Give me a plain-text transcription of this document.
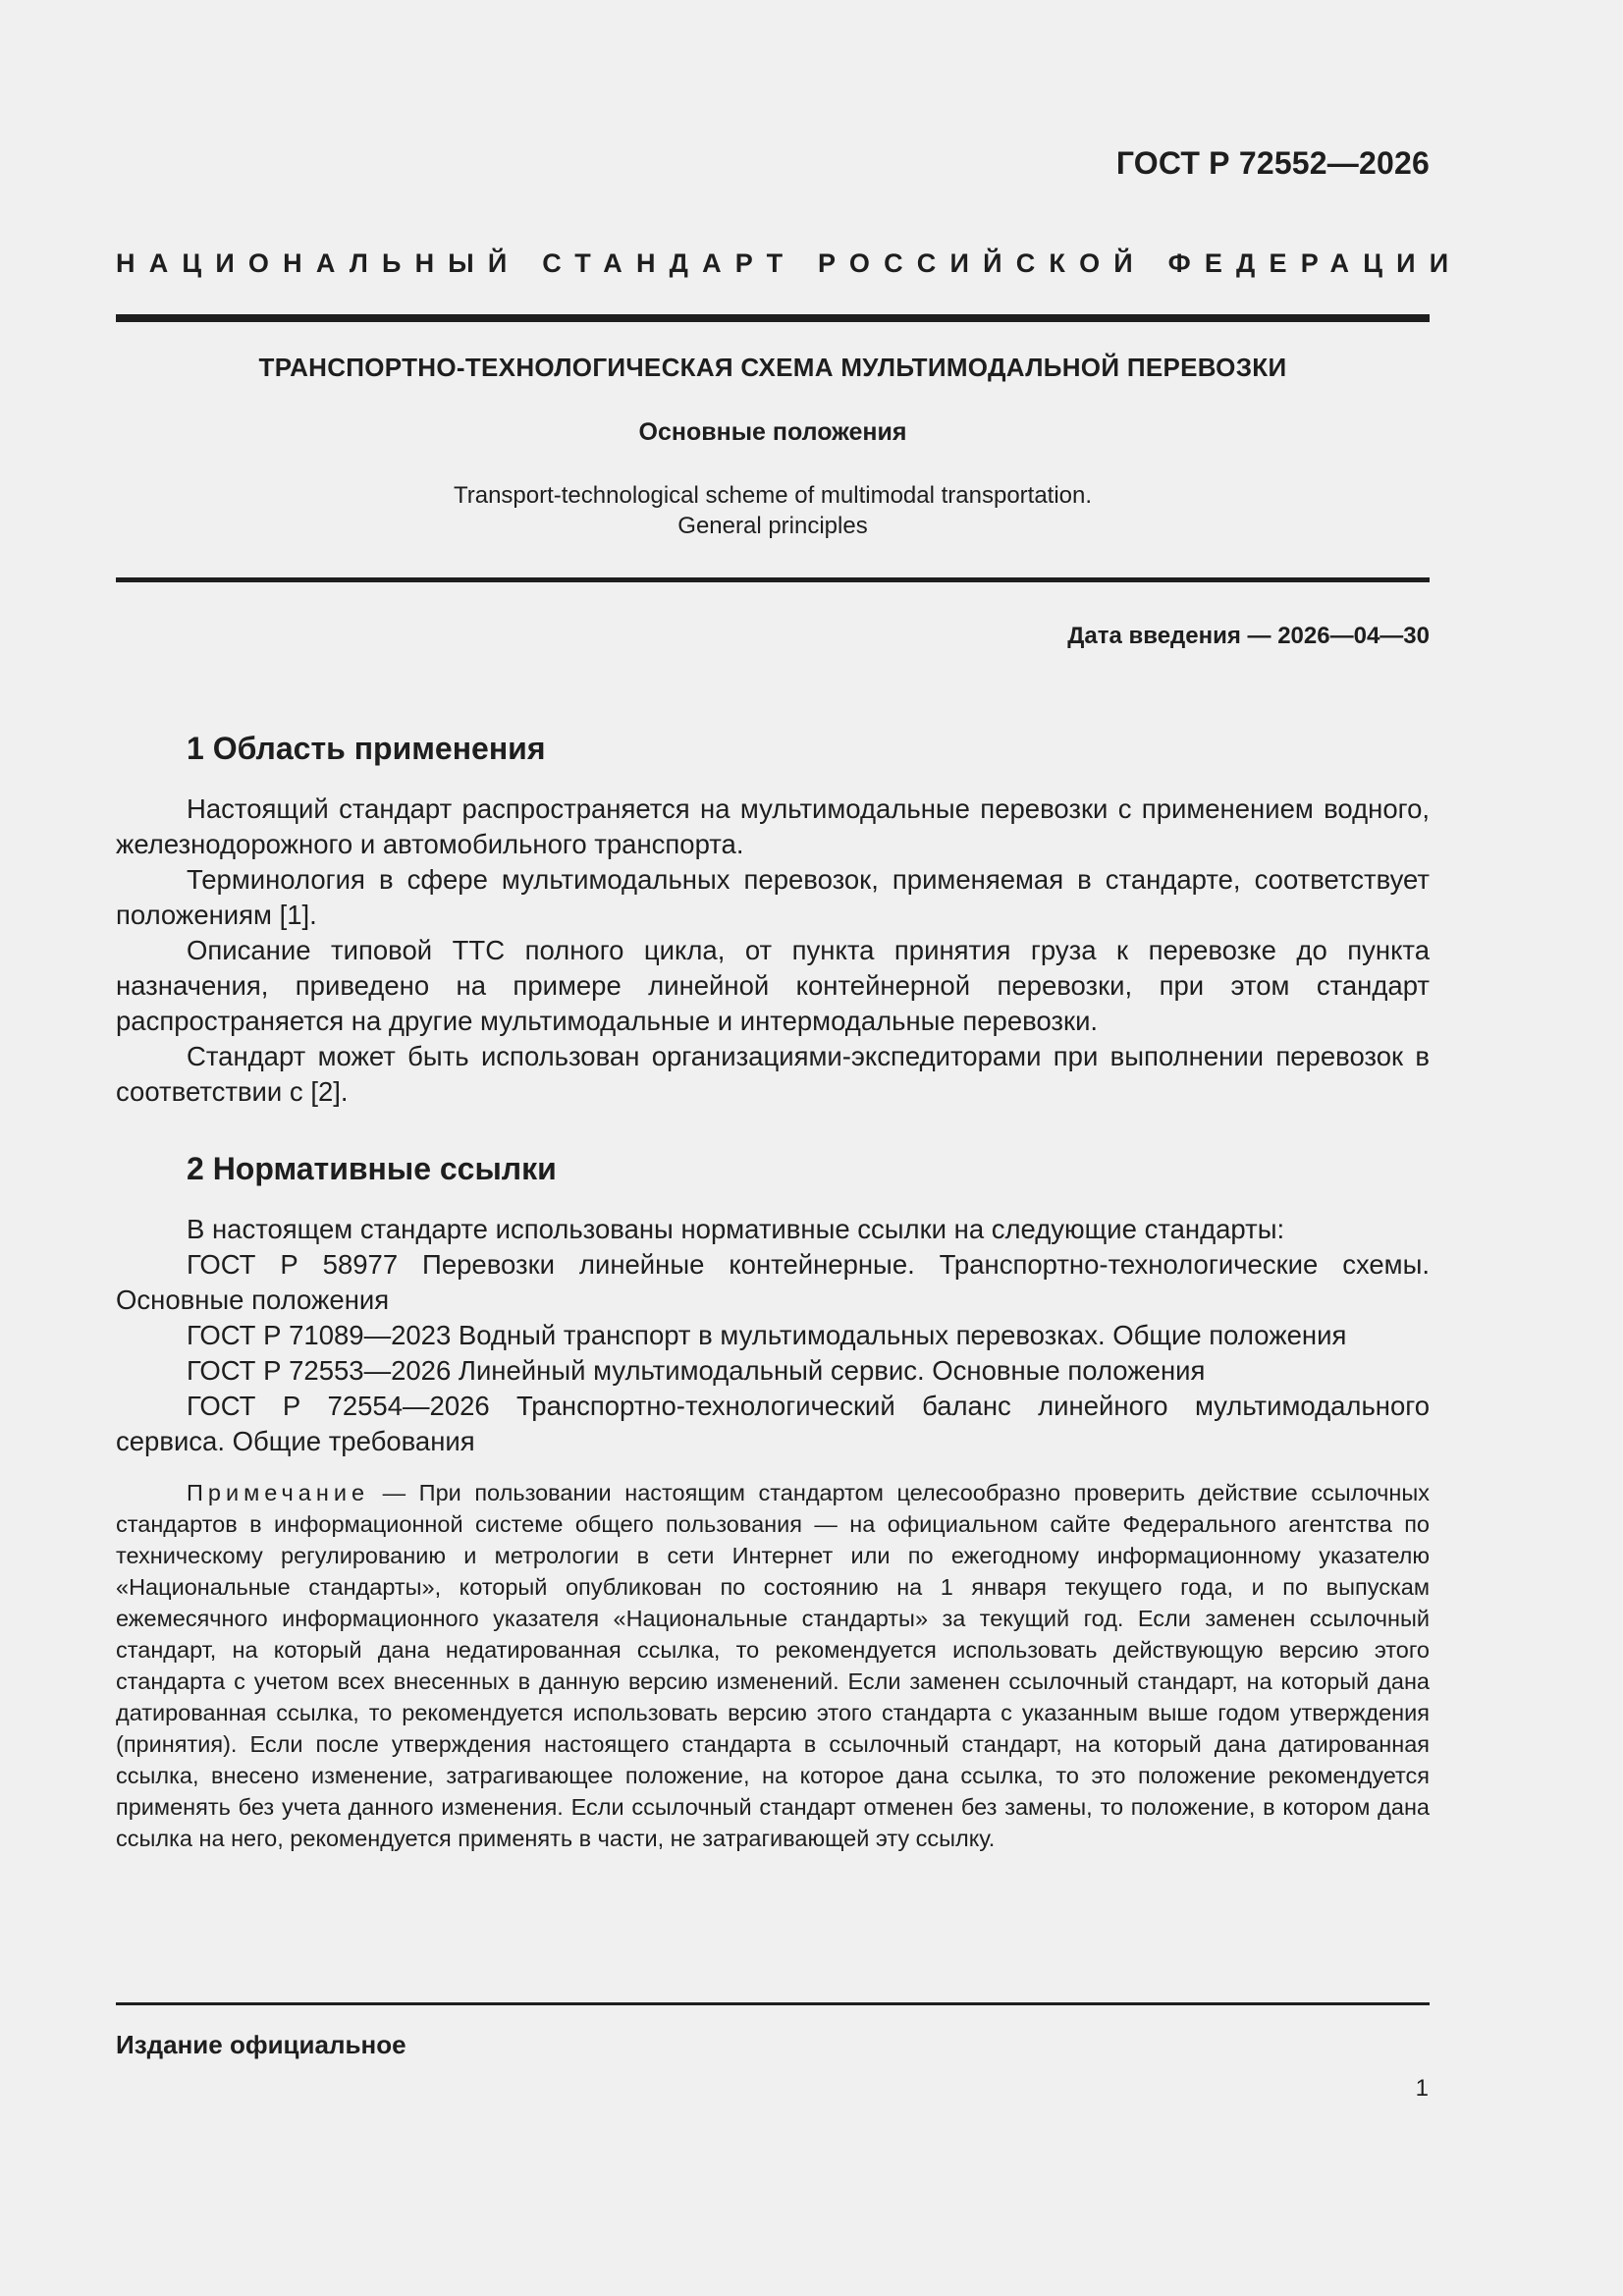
ГОСТ Р 72552—2026
НАЦИОНАЛЬНЫЙ СТАНДАРТ РОССИЙСКОЙ ФЕДЕРАЦИИ
ТРАНСПОРТНО-ТЕХНОЛОГИЧЕСКАЯ СХЕМА МУЛЬТИМОДАЛЬНОЙ ПЕРЕВОЗКИ
Основные положения
Transport-technological scheme of multimodal transportation.
General principles
Дата введения — 2026—04—30
1 Область применения

Настоящий стандарт распространяется на мультимодальные перевозки с применением водного, железнодорожного и автомобильного транспорта.

Терминология в сфере мультимодальных перевозок, применяемая в стандарте, соответствует положениям [1].

Описание типовой ТТС полного цикла, от пункта принятия груза к перевозке до пункта назначения, приведено на примере линейной контейнерной перевозки, при этом стандарт распространяется на другие мультимодальные и интермодальные перевозки.

Стандарт может быть использован организациями-экспедиторами при выполнении перевозок в соответствии с [2].

2 Нормативные ссылки

В настоящем стандарте использованы нормативные ссылки на следующие стандарты:

ГОСТ Р 58977 Перевозки линейные контейнерные. Транспортно-технологические схемы. Основные положения

ГОСТ Р 71089—2023 Водный транспорт в мультимодальных перевозках. Общие положения

ГОСТ Р 72553—2026 Линейный мультимодальный сервис. Основные положения

ГОСТ Р 72554—2026 Транспортно-технологический баланс линейного мультимодального сервиса. Общие требования

Примечание — При пользовании настоящим стандартом целесообразно проверить действие ссылочных стандартов в информационной системе общего пользования — на официальном сайте Федерального агентства по техническому регулированию и метрологии в сети Интернет или по ежегодному информационному указателю «Национальные стандарты», который опубликован по состоянию на 1 января текущего года, и по выпускам ежемесячного информационного указателя «Национальные стандарты» за текущий год. Если заменен ссылочный стандарт, на который дана недатированная ссылка, то рекомендуется использовать действующую версию этого стандарта с учетом всех внесенных в данную версию изменений. Если заменен ссылочный стандарт, на который дана датированная ссылка, то рекомендуется использовать версию этого стандарта с указанным выше годом утверждения (принятия). Если после утверждения настоящего стандарта в ссылочный стандарт, на который дана датированная ссылка, внесено изменение, затрагивающее положение, на которое дана ссылка, то это положение рекомендуется применять без учета данного изменения. Если ссылочный стандарт отменен без замены, то положение, в котором дана ссылка на него, рекомендуется применять в части, не затрагивающей эту ссылку.

Издание официальное
1
